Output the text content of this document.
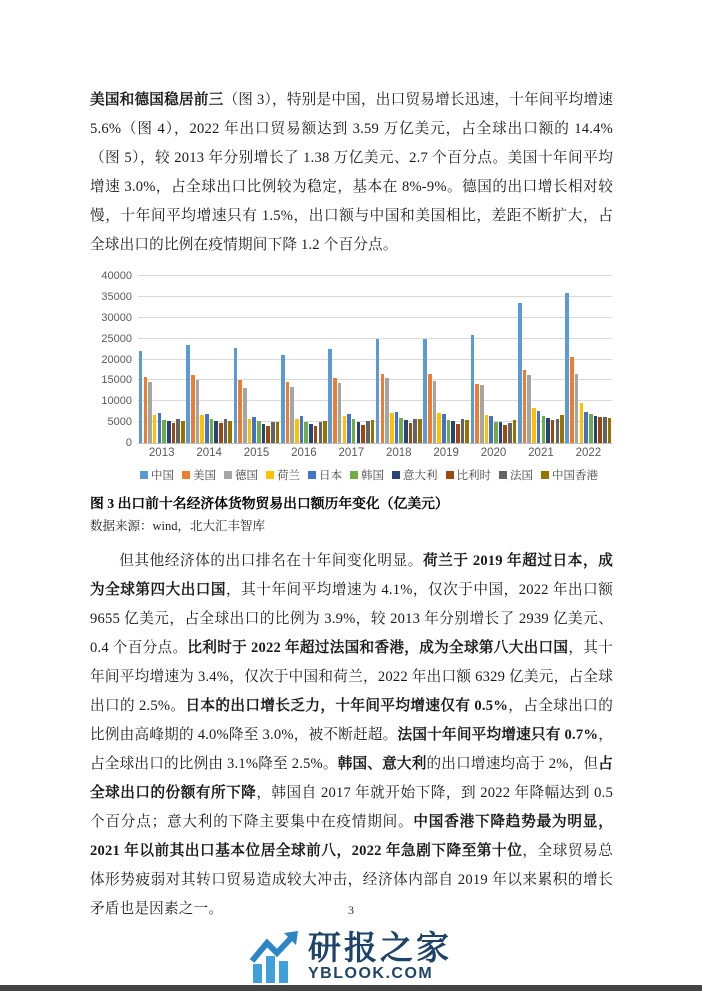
美国和德国稳居前三（图 3），特别是中国，出口贸易增长迅速，十年间平均增速 5.6%（图 4），2022 年出口贸易额达到 3.59 万亿美元，占全球出口额的 14.4%（图 5），较 2013 年分别增长了 1.38 万亿美元、2.7 个百分点。美国十年间平均增速 3.0%，占全球出口比例较为稳定，基本在 8%-9%。德国的出口增长相对较慢，十年间平均增速只有 1.5%，出口额与中国和美国相比，差距不断扩大，占全球出口的比例在疫情期间下降 1.2 个百分点。

0
5000
10000
15000
20000
25000
30000
35000
40000
2013	2014	2015	2016	2017	2018	2019	2020	2021	2022
中国 美国 德国 荷兰 日本 韩国 意大利 比利时 法国 中国香港
图 3 出口前十名经济体货物贸易出口额历年变化（亿美元）
数据来源：wind，北大汇丰智库

但其他经济体的出口排名在十年间变化明显。荷兰于 2019 年超过日本，成为全球第四大出口国，其十年间平均增速为 4.1%，仅次于中国，2022 年出口额 9655 亿美元，占全球出口的比例为 3.9%，较 2013 年分别增长了 2939 亿美元、0.4 个百分点。比利时于 2022 年超过法国和香港，成为全球第八大出口国，其十年间平均增速为 3.4%，仅次于中国和荷兰，2022 年出口额 6329 亿美元，占全球出口的 2.5%。日本的出口增长乏力，十年间平均增速仅有 0.5%，占全球出口的比例由高峰期的 4.0%降至 3.0%，被不断赶超。法国十年间平均增速只有 0.7%，占全球出口的比例由 3.1%降至 2.5%。韩国、意大利的出口增速均高于 2%，但占全球出口的份额有所下降，韩国自 2017 年就开始下降，到 2022 年降幅达到 0.5 个百分点；意大利的下降主要集中在疫情期间。中国香港下降趋势最为明显，2021 年以前其出口基本位居全球前八，2022 年急剧下降至第十位，全球贸易总体形势疲弱对其转口贸易造成较大冲击，经济体内部自 2019 年以来累积的增长矛盾也是因素之一。	3
研报之家
YBLOOK.COM
